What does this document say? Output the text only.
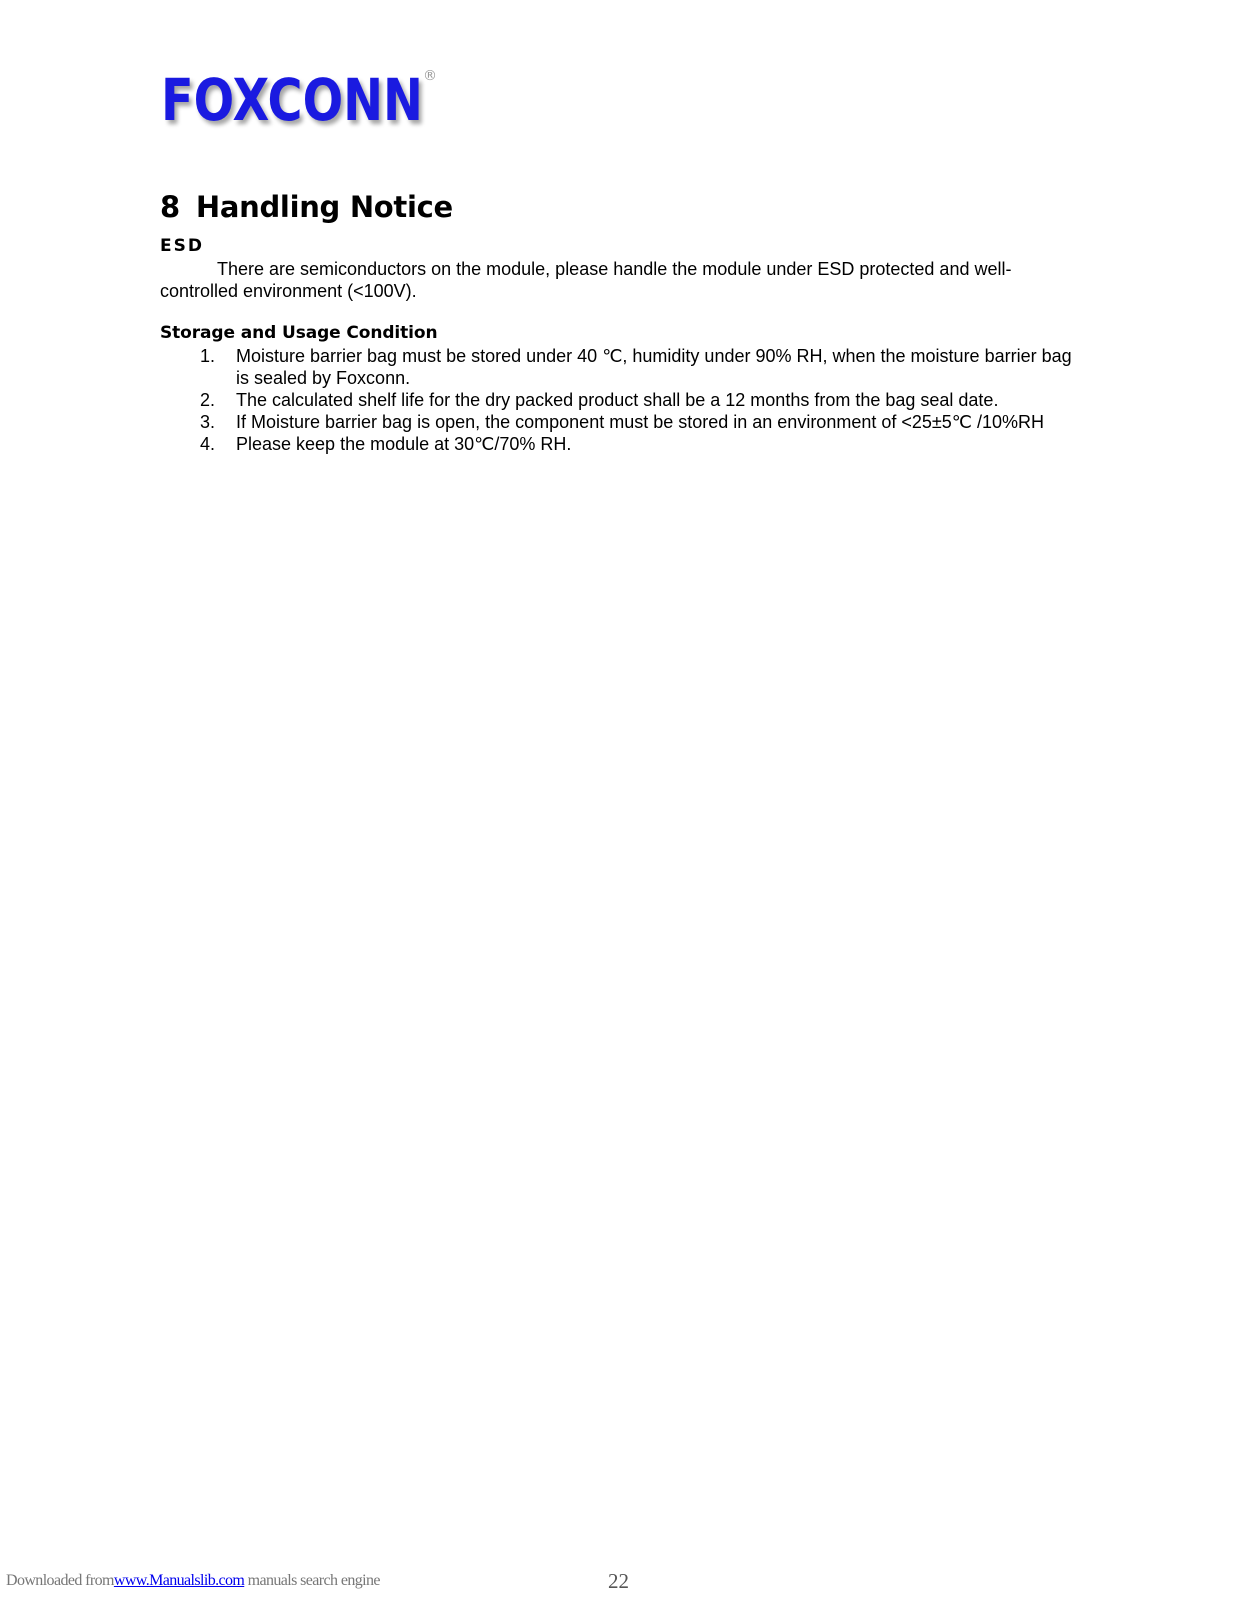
FOXCONN
FOXCONN ®
8 Handling Notice
ESD

There are semiconductors on the module, please handle the module under ESD protected and well-controlled environment (<100V).

Storage and Usage Condition
1. Moisture barrier bag must be stored under 40 ℃, humidity under 90% RH, when the moisture barrier bag is sealed by Foxconn.
2. The calculated shelf life for the dry packed product shall be a 12 months from the bag seal date.
3. If Moisture barrier bag is open, the component must be stored in an environment of <25±5℃ /10%RH
4. Please keep the module at 30℃/70% RH.
Downloaded fromwww.Manualslib.com manuals search engine	22
